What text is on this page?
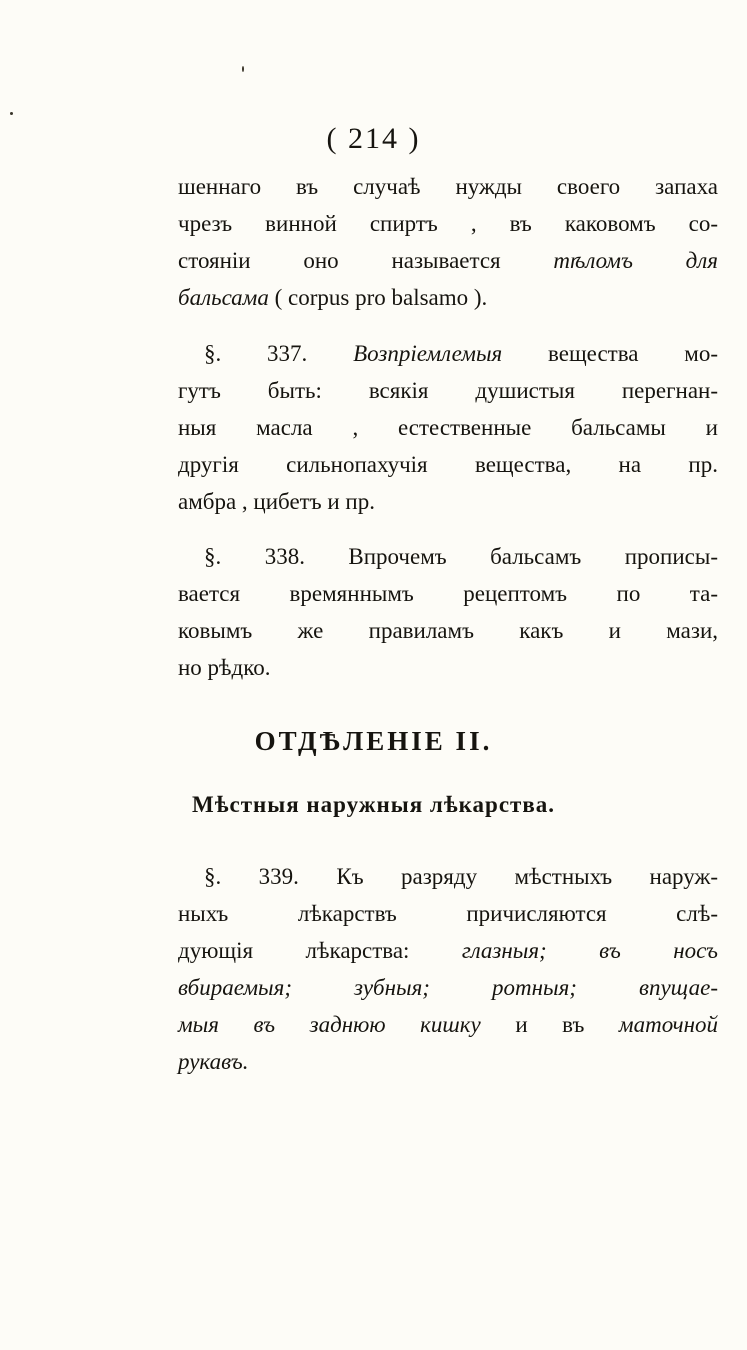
( 214 )
шеннаго въ случаѣ нужды своего запаха
чрезъ винной спиртъ , въ каковомъ со-
стояніи оно называется тѣломъ для
бальсама ( corpus pro balsamo ).
§. 337. Возпріемлемыя вещества мо-
гутъ быть: всякія душистыя перегнан-
ныя масла , естественные бальсамы и
другія сильнопахучія вещества, на пр.
амбра , цибетъ и пр.
§. 338. Впрочемъ бальсамъ прописы-
вается времяннымъ рецептомъ по та-
ковымъ же правиламъ какъ и мази,
но рѣдко.
ОТДѢЛЕНІЕ II.
Мѣстныя наружныя лѣкарства.
§. 339. Къ разряду мѣстныхъ наруж-
ныхъ лѣкарствъ причисляются слѣ-
дующія лѣкарства: глазныя; въ носъ
вбираемыя; зубныя; ротныя; впущае-
мыя въ заднюю кишку и въ маточной
рукавъ.
